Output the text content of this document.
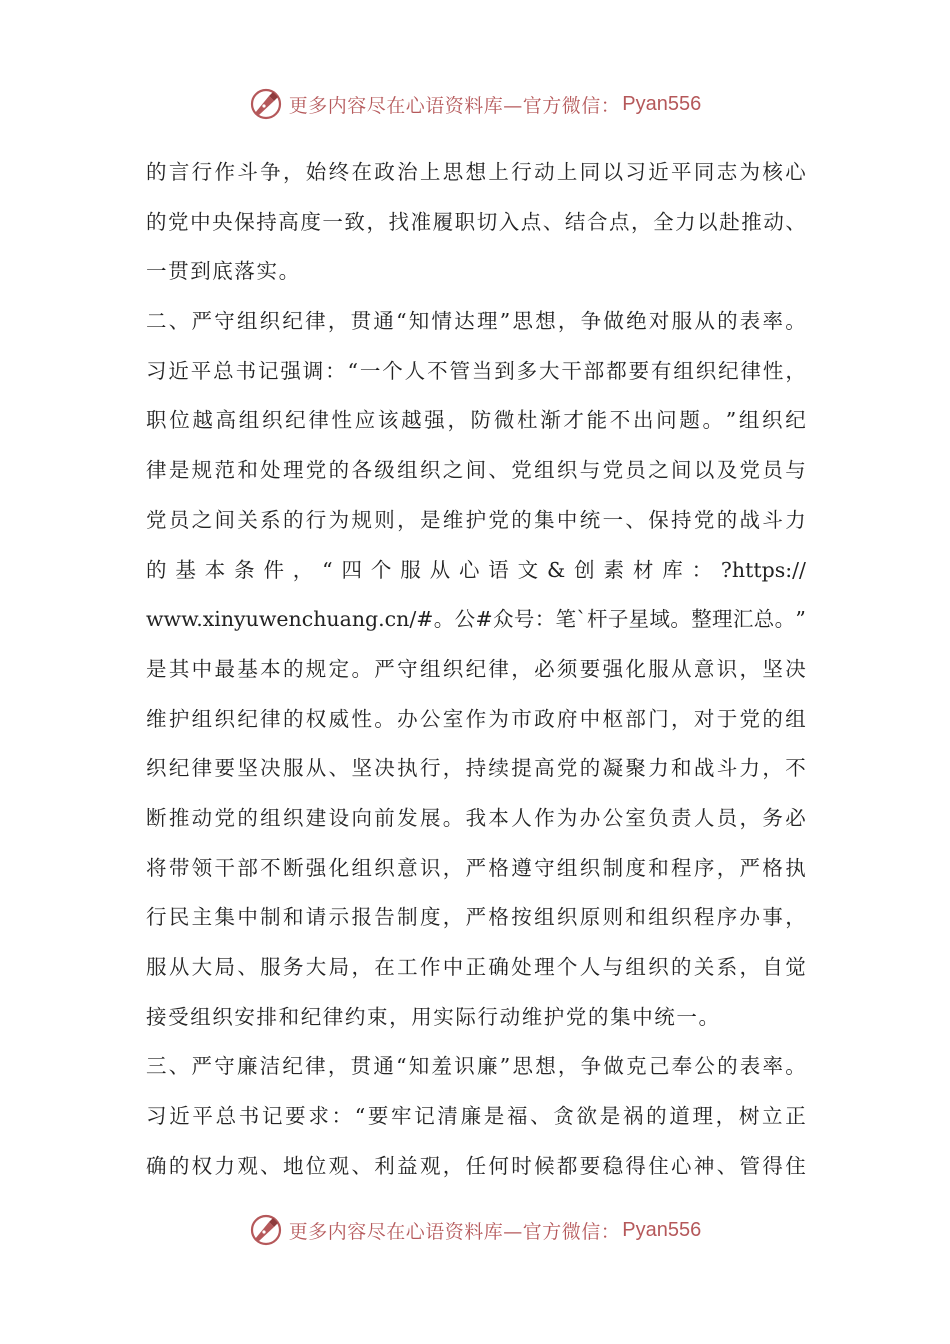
更多内容尽在心语资料库—官方微信： Pyan556
的 言 行 作 斗 争 ， 始 终 在 政 治 上 思 想 上 行 动 上 同 以 习 近 平 同 志 为 核 心
的 党 中 央 保 持 高 度 一 致 ， 找 准 履 职 切 入 点 、 结 合 点 ， 全 力 以 赴 推 动 、
一贯到底落实。
二 、 严 守 组 织 纪 律 ， 贯 通 “ 知 情 达 理 ” 思 想 ， 争 做 绝 对 服 从 的 表 率 。
习 近 平 总 书 记 强 调 ： “ 一 个 人 不 管 当 到 多 大 干 部 都 要 有 组 织 纪 律 性 ，
职 位 越 高 组 织 纪 律 性 应 该 越 强 ， 防 微 杜 渐 才 能 不 出 问 题 。 ” 组 织 纪
律 是 规 范 和 处 理 党 的 各 级 组 织 之 间 、 党 组 织 与 党 员 之 间 以 及 党 员 与
党 员 之 间 关 系 的 行 为 规 则 ， 是 维 护 党 的 集 中 统 一 、 保 持 党 的 战 斗 力
的 基 本 条 件 ， “ 四 个 服 从 心 语 文 & 创 素 材 库 ： ?https://
www.xinyuwenchuang.cn/# 。 公 # 众 号 ： 笔 ` 杆 子 星 域 。 整 理 汇 总 。 ”
是 其 中 最 基 本 的 规 定 。 严 守 组 织 纪 律 ， 必 须 要 强 化 服 从 意 识 ， 坚 决
维 护 组 织 纪 律 的 权 威 性 。 办 公 室 作 为 市 政 府 中 枢 部 门 ， 对 于 党 的 组
织 纪 律 要 坚 决 服 从 、 坚 决 执 行 ， 持 续 提 高 党 的 凝 聚 力 和 战 斗 力 ， 不
断 推 动 党 的 组 织 建 设 向 前 发 展 。 我 本 人 作 为 办 公 室 负 责 人 员 ， 务 必
将 带 领 干 部 不 断 强 化 组 织 意 识 ， 严 格 遵 守 组 织 制 度 和 程 序 ， 严 格 执
行 民 主 集 中 制 和 请 示 报 告 制 度 ， 严 格 按 组 织 原 则 和 组 织 程 序 办 事 ，
服 从 大 局 、 服 务 大 局 ， 在 工 作 中 正 确 处 理 个 人 与 组 织 的 关 系 ， 自 觉
接受组织安排和纪律约束，用实际行动维护党的集中统一。
三 、 严 守 廉 洁 纪 律 ， 贯 通 “ 知 羞 识 廉 ” 思 想 ， 争 做 克 己 奉 公 的 表 率 。
习 近 平 总 书 记 要 求 ： “ 要 牢 记 清 廉 是 福 、 贪 欲 是 祸 的 道 理 ， 树 立 正
确 的 权 力 观 、 地 位 观 、 利 益 观 ， 任 何 时 候 都 要 稳 得 住 心 神 、 管 得 住
更多内容尽在心语资料库—官方微信： Pyan556
